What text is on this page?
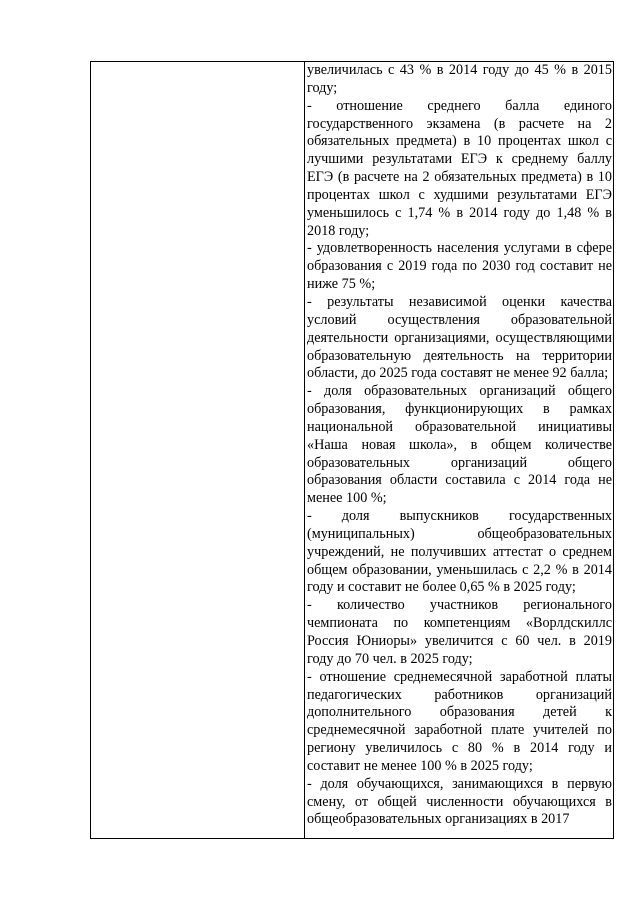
увеличилась с 43 % в 2014 году до 45 % в 2015 году;

- отношение среднего балла единого государственного экзамена (в расчете на 2 обязательных предмета) в 10 процентах школ с лучшими результатами ЕГЭ к среднему баллу ЕГЭ (в расчете на 2 обязательных предмета) в 10 процентах школ с худшими результатами ЕГЭ уменьшилось с 1,74 % в 2014 году до 1,48 % в 2018 году;

- удовлетворенность населения услугами в сфере образования с 2019 года по 2030 год составит не ниже 75 %;

- результаты независимой оценки качества условий осуществления образовательной деятельности организациями, осуществляющими образовательную деятельность на территории области, до 2025 года составят не менее 92 балла;

- доля образовательных организаций общего образования, функционирующих в рамках национальной образовательной инициативы «Наша новая школа», в общем количестве образовательных организаций общего образования области составила с 2014 года не менее 100 %;

- доля выпускников государственных (муниципальных) общеобразовательных учреждений, не получивших аттестат о среднем общем образовании, уменьшилась с 2,2 % в 2014 году и составит не более 0,65 % в 2025 году;

- количество участников регионального чемпионата по компетенциям «Ворлдскиллс Россия Юниоры» увеличится с 60 чел. в 2019 году до 70 чел. в 2025 году;

- отношение среднемесячной заработной платы педагогических работников организаций дополнительного образования детей к среднемесячной заработной плате учителей по региону увеличилось с 80 % в 2014 году и составит не менее 100 % в 2025 году;

- доля обучающихся, занимающихся в первую смену, от общей численности обучающихся в общеобразовательных организациях в 2017
